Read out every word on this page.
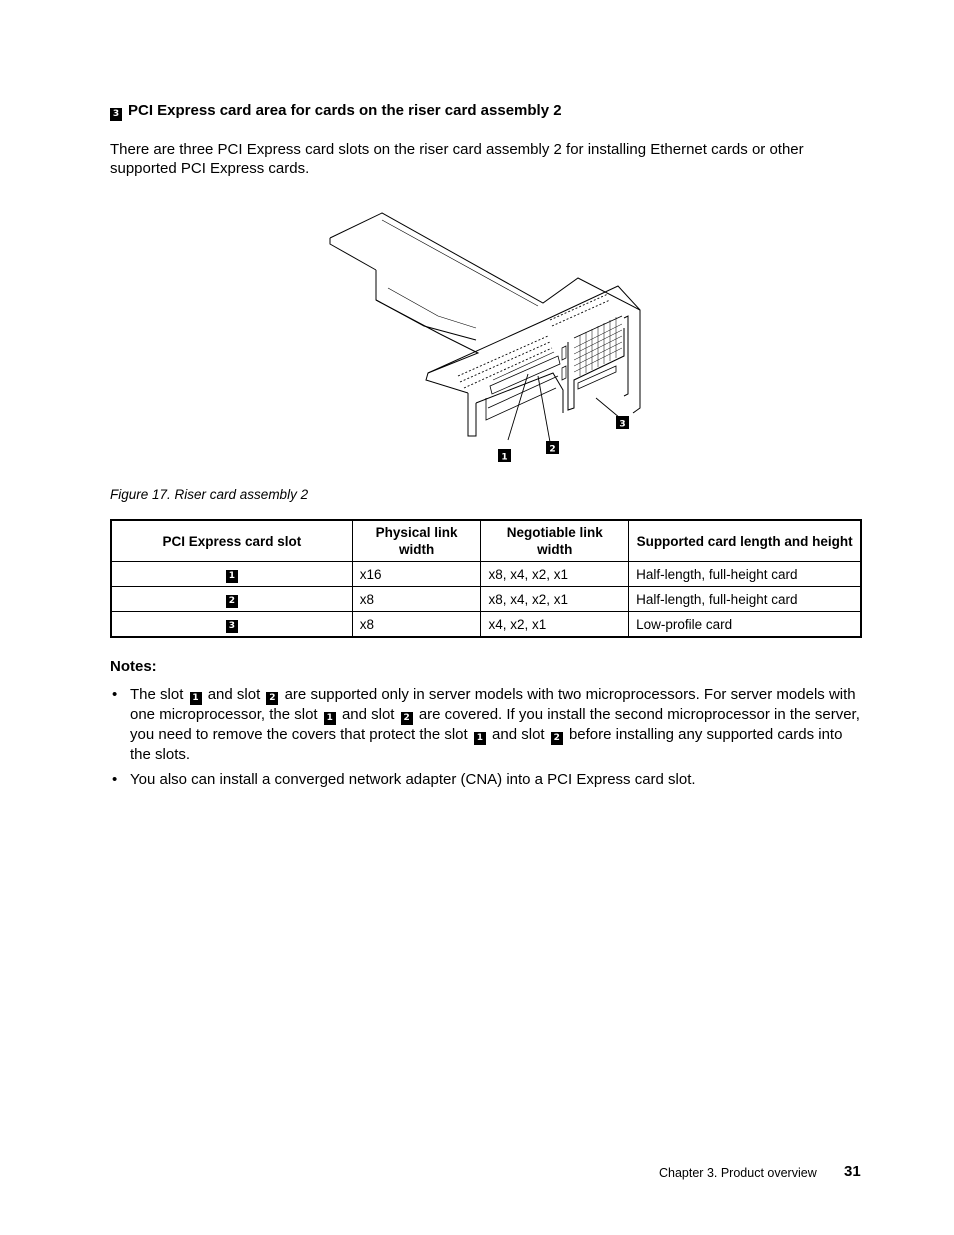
3 PCI Express card area for cards on the riser card assembly 2

There are three PCI Express card slots on the riser card assembly 2 for installing Ethernet cards or other supported PCI Express cards.

1
2
3
Figure 17. Riser card assembly 2
PCI Express card slot	Physical link width	Negotiable link width	Supported card length and height
1	x16	x8, x4, x2, x1	Half-length, full-height card
2	x8	x8, x4, x2, x1	Half-length, full-height card
3	x8	x4, x2, x1	Low-profile card
Notes:
• The slot 1 and slot 2 are supported only in server models with two microprocessors. For server models with one microprocessor, the slot 1 and slot 2 are covered. If you install the second microprocessor in the server, you need to remove the covers that protect the slot 1 and slot 2 before installing any supported cards into the slots.
• You also can install a converged network adapter (CNA) into a PCI Express card slot.
Chapter 3. Product overview 31
